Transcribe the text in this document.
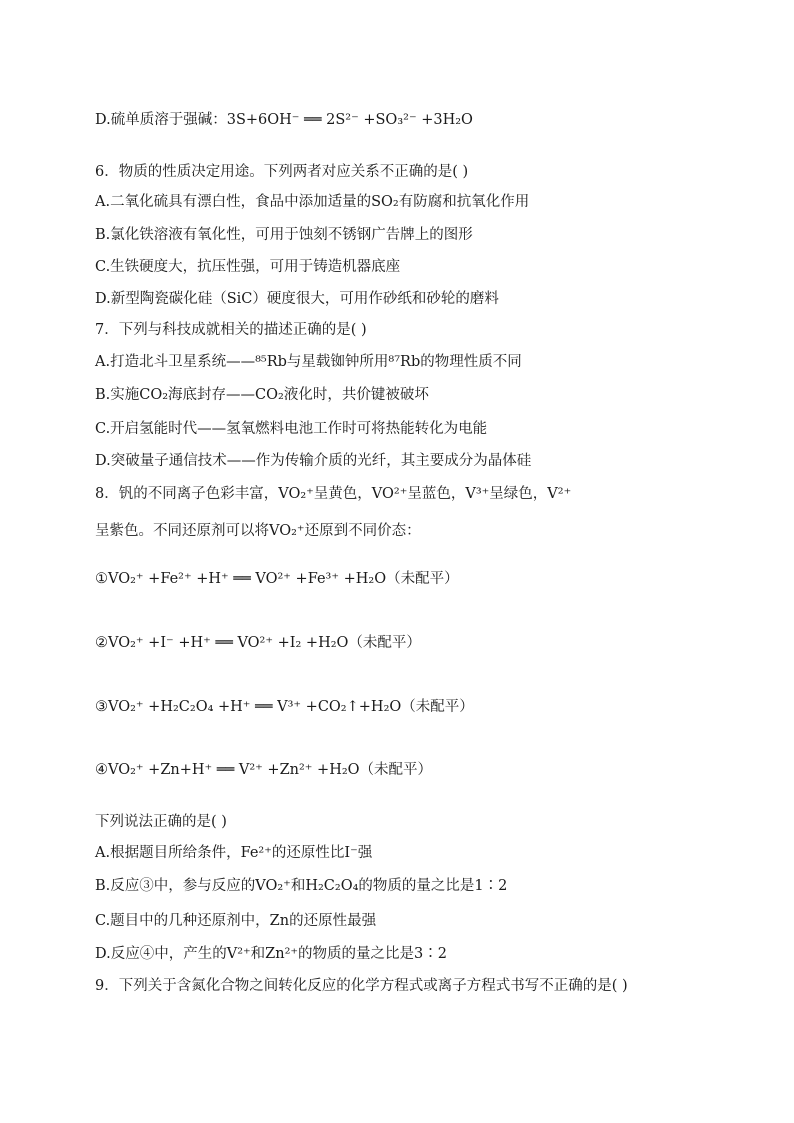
D.硫单质溶于强碱：3S+6OH⁻ ══ 2S²⁻ +SO₃²⁻ +3H₂O
6．物质的性质决定用途。下列两者对应关系不正确的是( )
A.二氧化硫具有漂白性，食品中添加适量的SO₂有防腐和抗氧化作用
B.氯化铁溶液有氧化性，可用于蚀刻不锈钢广告牌上的图形
C.生铁硬度大，抗压性强，可用于铸造机器底座
D.新型陶瓷碳化硅（SiC）硬度很大，可用作砂纸和砂轮的磨料
7．下列与科技成就相关的描述正确的是( )
A.打造北斗卫星系统——⁸⁵Rb与星载铷钟所用⁸⁷Rb的物理性质不同
B.实施CO₂海底封存——CO₂液化时，共价键被破坏
C.开启氢能时代——氢氧燃料电池工作时可将热能转化为电能
D.突破量子通信技术——作为传输介质的光纤，其主要成分为晶体硅
8．钒的不同离子色彩丰富，VO₂⁺呈黄色，VO²⁺呈蓝色，V³⁺呈绿色，V²⁺
呈紫色。不同还原剂可以将VO₂⁺还原到不同价态：
①VO₂⁺ +Fe²⁺ +H⁺ ══ VO²⁺ +Fe³⁺ +H₂O（未配平）
②VO₂⁺ +I⁻ +H⁺ ══ VO²⁺ +I₂ +H₂O（未配平）
③VO₂⁺ +H₂C₂O₄ +H⁺ ══ V³⁺ +CO₂↑+H₂O（未配平）
④VO₂⁺ +Zn+H⁺ ══ V²⁺ +Zn²⁺ +H₂O（未配平）
下列说法正确的是( )
A.根据题目所给条件，Fe²⁺的还原性比I⁻强
B.反应③中，参与反应的VO₂⁺和H₂C₂O₄的物质的量之比是1∶2
C.题目中的几种还原剂中，Zn的还原性最强
D.反应④中，产生的V²⁺和Zn²⁺的物质的量之比是3∶2
9．下列关于含氮化合物之间转化反应的化学方程式或离子方程式书写不正确的是( )
